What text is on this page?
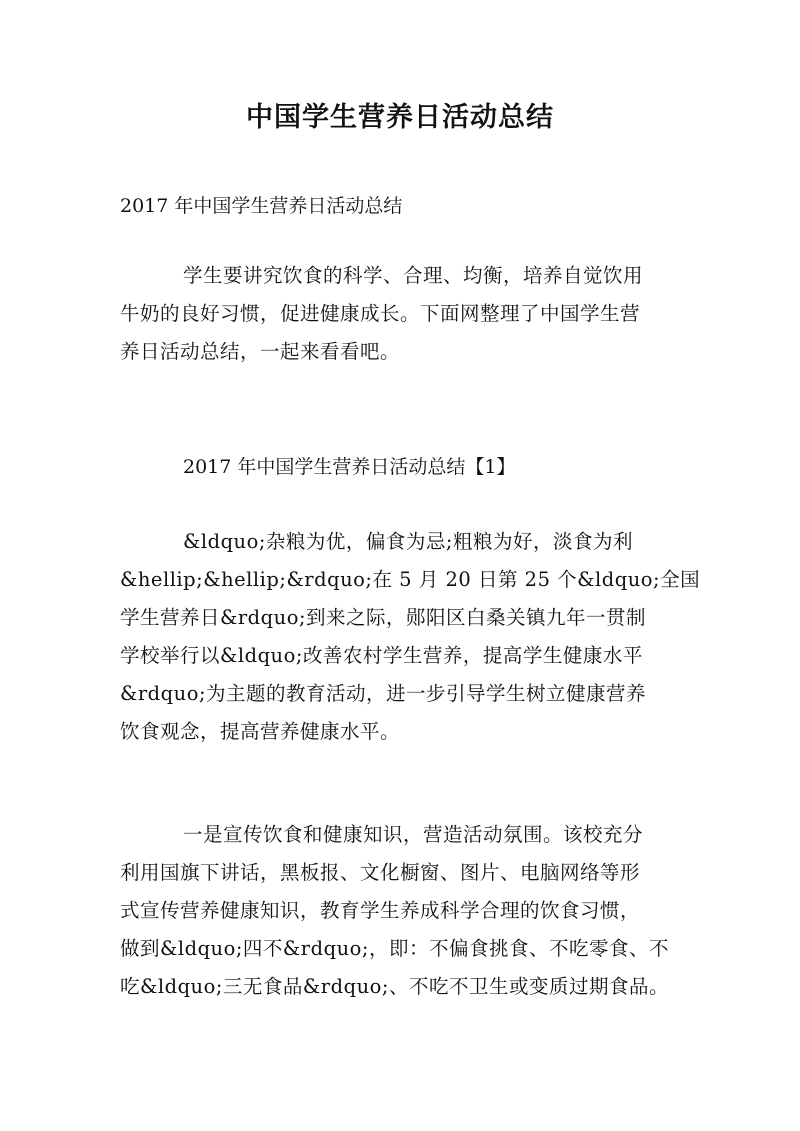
中国学生营养日活动总结
2017 年中国学生营养日活动总结
学生要讲究饮食的科学、合理、均衡，培养自觉饮用
牛奶的良好习惯，促进健康成长。下面网整理了中国学生营
养日活动总结，一起来看看吧。
2017 年中国学生营养日活动总结【1】
&ldquo;杂粮为优，偏食为忌;粗粮为好，淡食为利
&hellip;&hellip;&rdquo;在 5 月 20 日第 25 个&ldquo;全国
学生营养日&rdquo;到来之际，郧阳区白桑关镇九年一贯制
学校举行以&ldquo;改善农村学生营养，提高学生健康水平
&rdquo;为主题的教育活动，进一步引导学生树立健康营养
饮食观念，提高营养健康水平。
一是宣传饮食和健康知识，营造活动氛围。该校充分
利用国旗下讲话，黑板报、文化橱窗、图片、电脑网络等形
式宣传营养健康知识，教育学生养成科学合理的饮食习惯，
做到&ldquo;四不&rdquo;，即：不偏食挑食、不吃零食、不
吃&ldquo;三无食品&rdquo;、不吃不卫生或变质过期食品。
